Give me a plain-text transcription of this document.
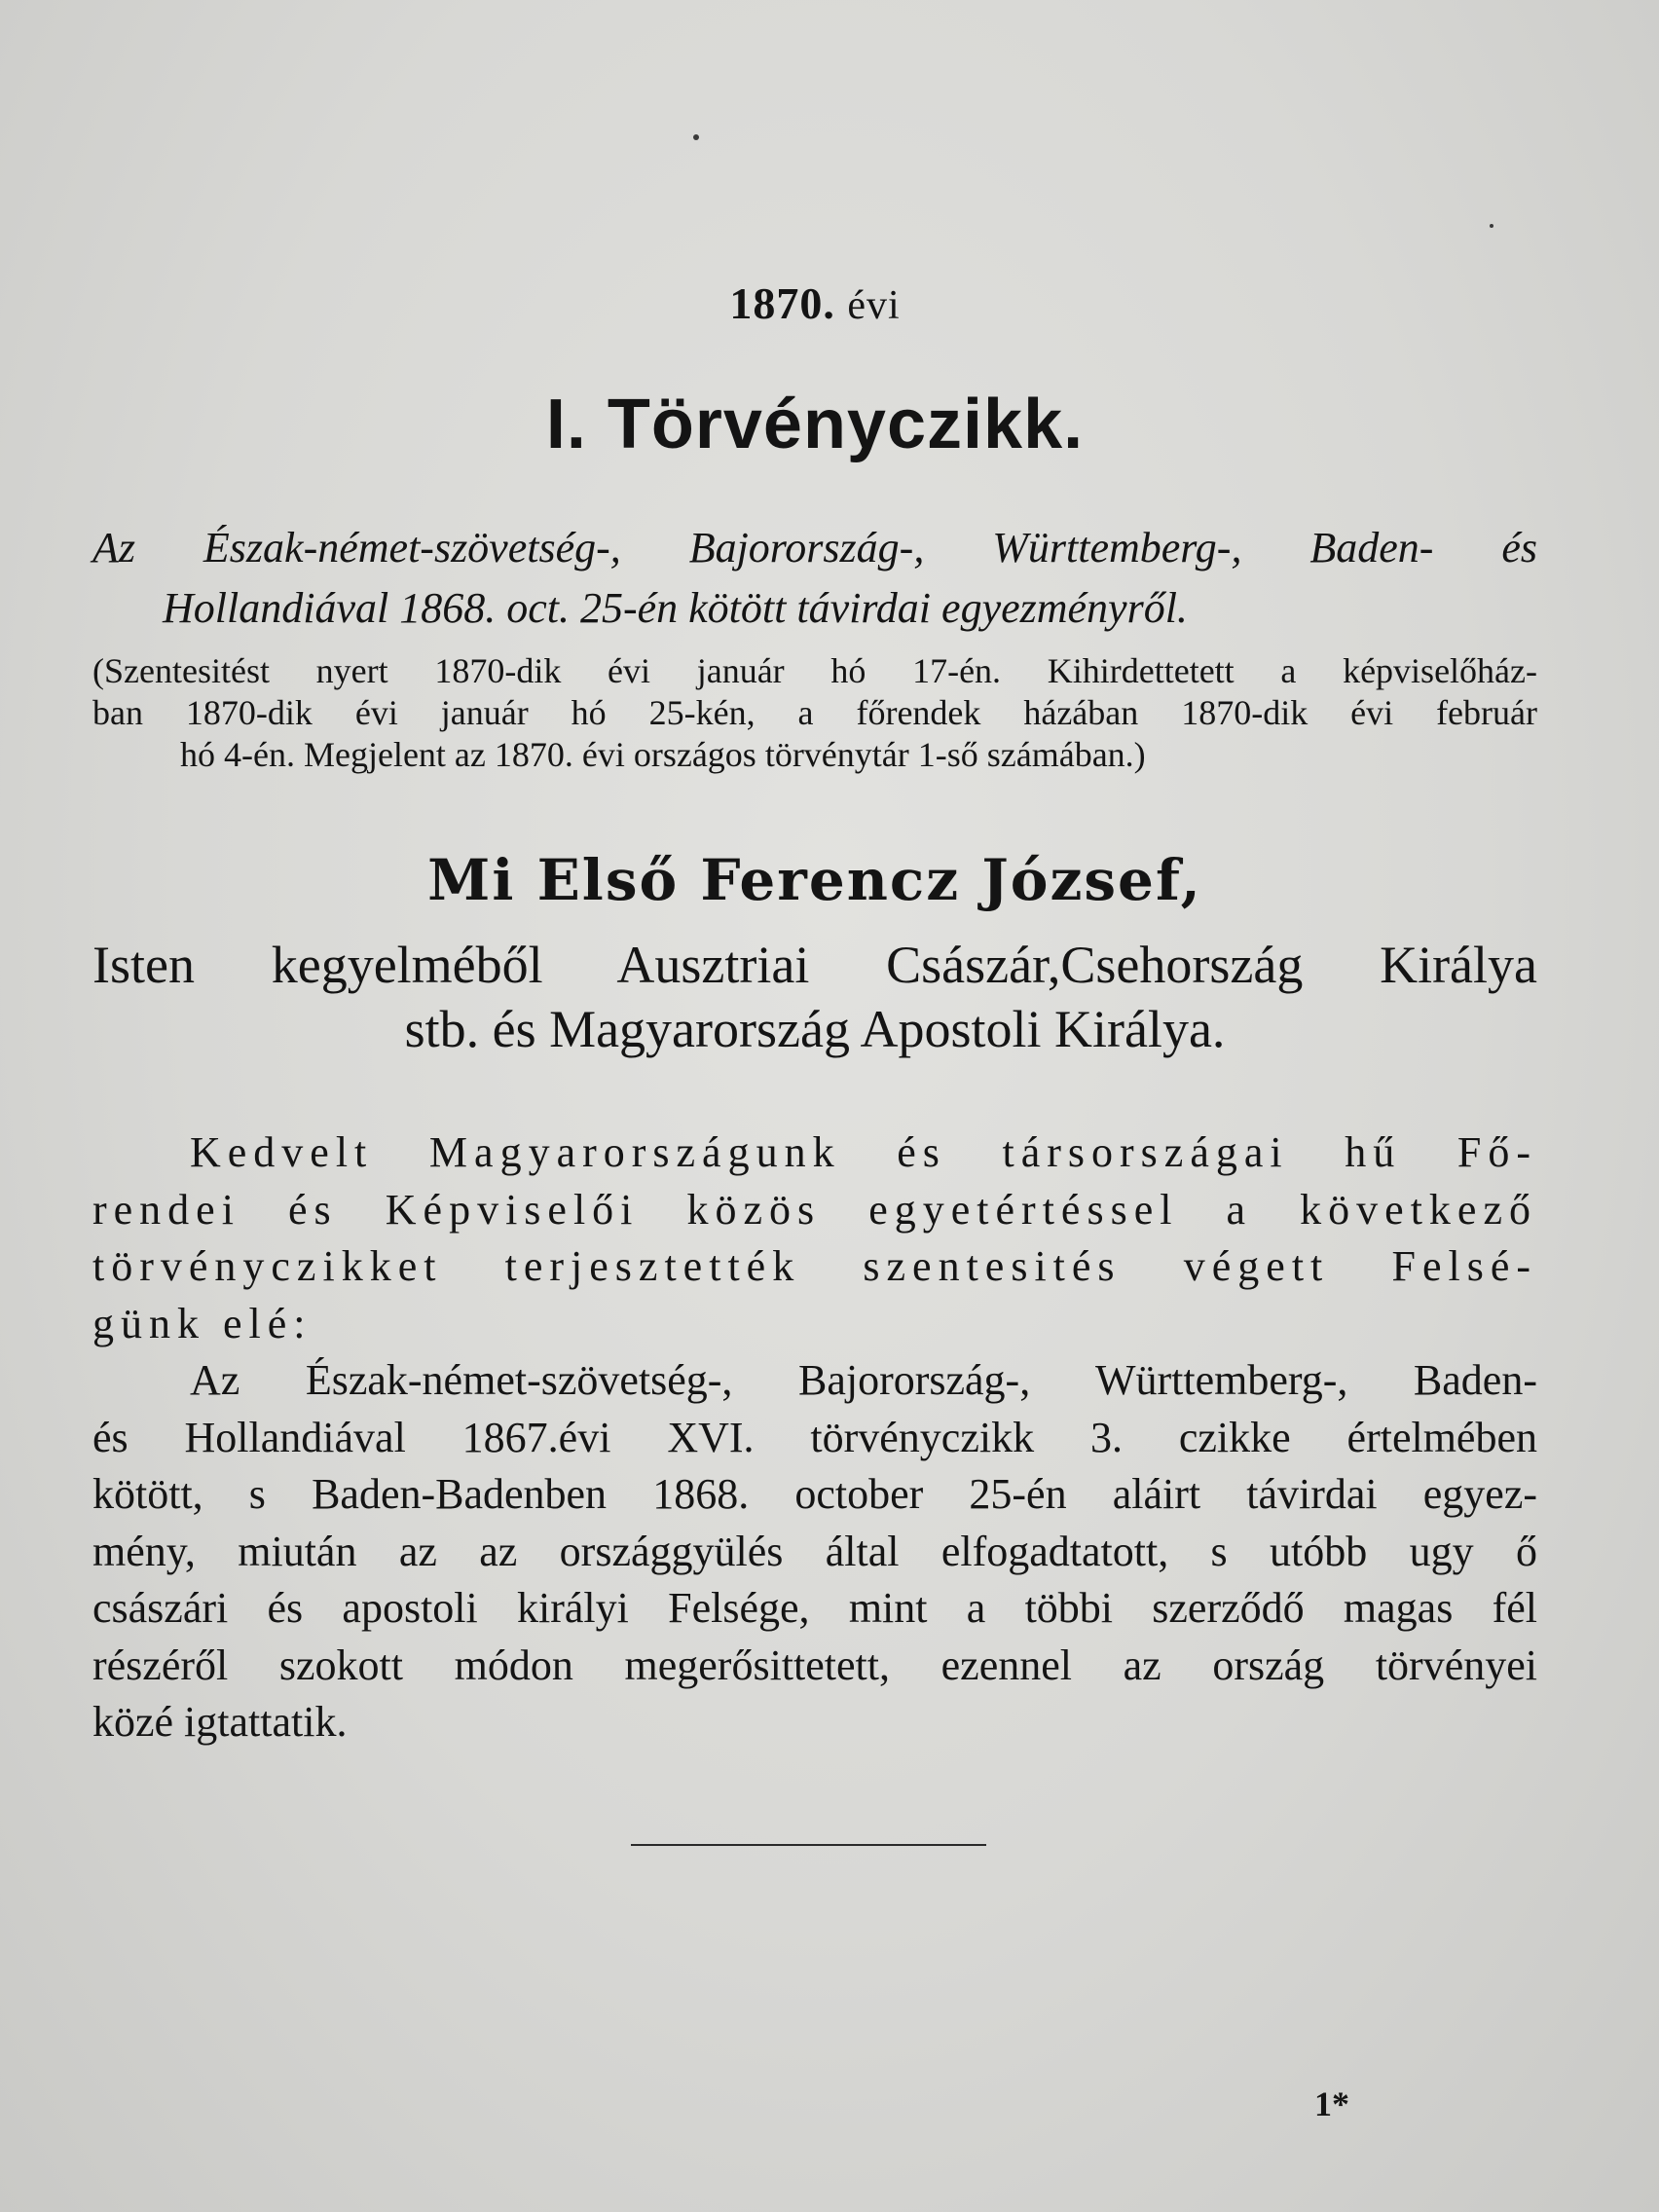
1870. évi
I. Törvényczikk.
Az Észak-német-szövetség-, Bajorország-, Württemberg-, Baden- és
Hollandiával 1868. oct. 25-én kötött távirdai egyezményről.
(Szentesitést nyert 1870-dik évi január hó 17-én. Kihirdettetett a képviselőház-
ban 1870-dik évi január hó 25-kén, a főrendek házában 1870-dik évi február
hó 4-én. Megjelent az 1870. évi országos törvénytár 1-ső számában.)
Mi Első Ferencz József,
Isten kegyelméből Ausztriai Császár,Csehország Királya
stb. és Magyarország Apostoli Királya.
Kedvelt Magyarországunk és társországai hű Fő-
rendei és Képviselői közös egyetértéssel a következő
törvényczikket terjesztették szentesités végett Felsé-
günk elé:
Az Észak-német-szövetség-, Bajorország-, Württemberg-, Baden-
és Hollandiával 1867.évi XVI. törvényczikk 3. czikke értelmében
kötött, s Baden-Badenben 1868. october 25-én aláirt távirdai egyez-
mény, miután az az országgyülés által elfogadtatott, s utóbb ugy ő
császári és apostoli királyi Felsége, mint a többi szerződő magas fél
részéről szokott módon megerősittetett, ezennel az ország törvényei
közé igtattatik.
1*
